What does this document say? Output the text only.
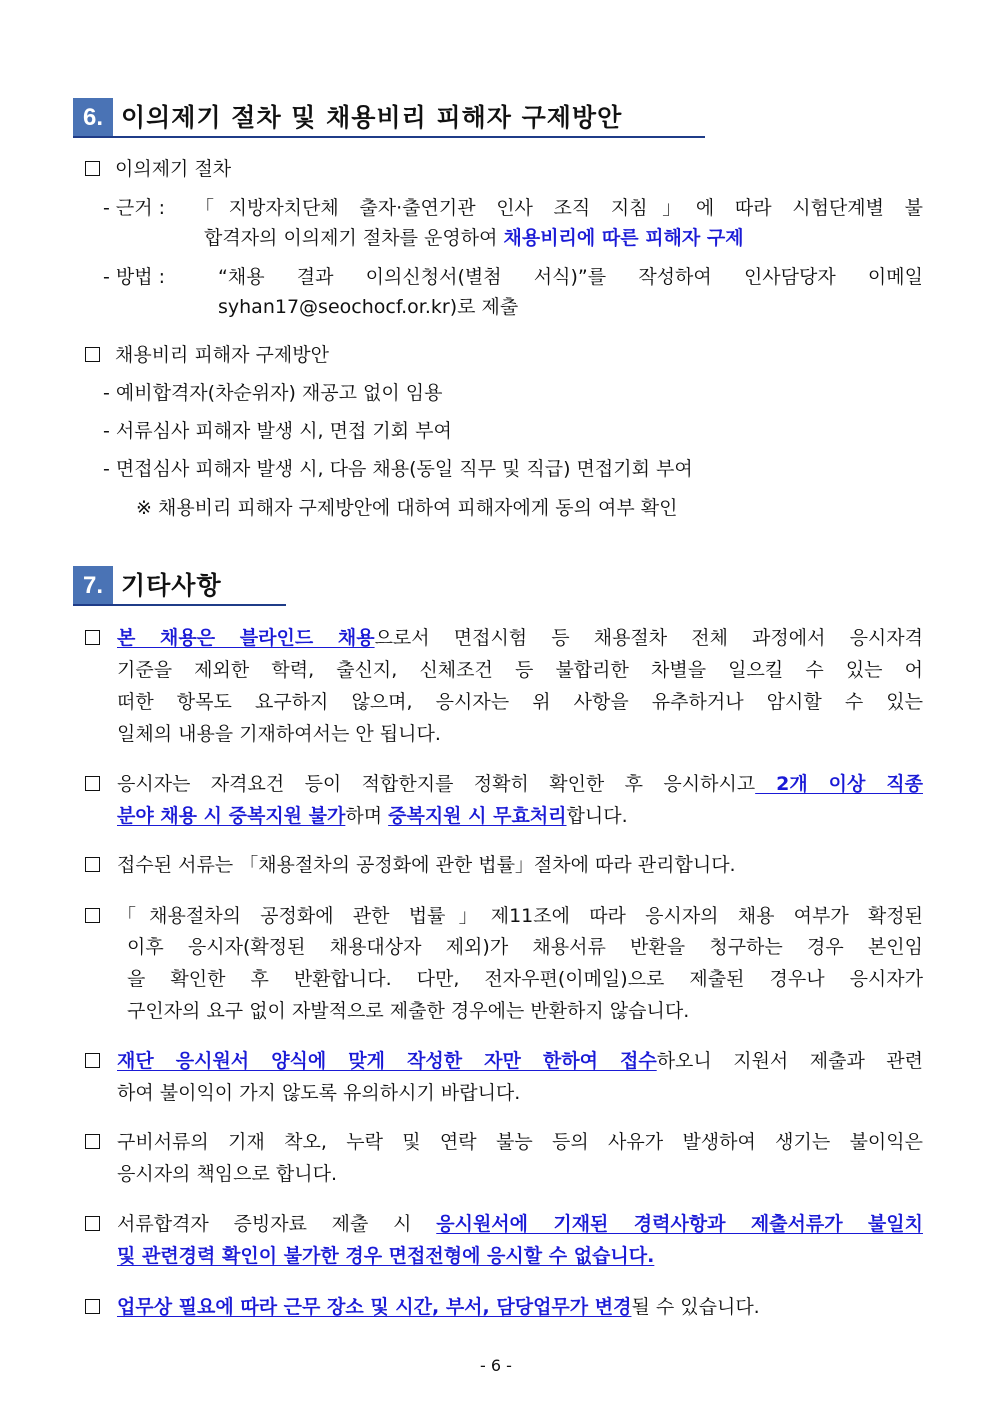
6. 이의제기 절차 및 채용비리 피해자 구제방안
이의제기 절차
- 근거 : 「지방자치단체 출자·출연기관 인사 조직 지침」에 따라 시험단계별 불
합격자의 이의제기 절차를 운영하여 채용비리에 따른 피해자 구제
- 방법 :	“채용 결과 이의신청서(별첨 서식)”를 작성하여 인사담당자 이메일
syhan17@seochocf.or.kr)로 제출
채용비리 피해자 구제방안
- 예비합격자(차순위자) 재공고 없이 임용
- 서류심사 피해자 발생 시, 면접 기회 부여
- 면접심사 피해자 발생 시, 다음 채용(동일 직무 및 직급) 면접기회 부여
※ 채용비리 피해자 구제방안에 대하여 피해자에게 동의 여부 확인
7. 기타사항
본 채용은 블라인드 채용으로서 면접시험 등 채용절차 전체 과정에서 응시자격
기준을 제외한 학력, 출신지, 신체조건 등 불합리한 차별을 일으킬 수 있는 어
떠한 항목도 요구하지 않으며, 응시자는 위 사항을 유추하거나 암시할 수 있는
일체의 내용을 기재하여서는 안 됩니다.
응시자는 자격요건 등이 적합한지를 정확히 확인한 후 응시하시고 2개 이상 직종
분야 채용 시 중복지원 불가하며 중복지원 시 무효처리합니다.
접수된 서류는 「채용절차의 공정화에 관한 법률」절차에 따라 관리합니다.
「채용절차의 공정화에 관한 법률」제11조에 따라 응시자의 채용 여부가 확정된
이후 응시자(확정된 채용대상자 제외)가 채용서류 반환을 청구하는 경우 본인임
을 확인한 후 반환합니다. 다만, 전자우편(이메일)으로 제출된 경우나 응시자가
구인자의 요구 없이 자발적으로 제출한 경우에는 반환하지 않습니다.
재단 응시원서 양식에 맞게 작성한 자만 한하여 접수하오니 지원서 제출과 관련
하여 불이익이 가지 않도록 유의하시기 바랍니다.
구비서류의 기재 착오, 누락 및 연락 불능 등의 사유가 발생하여 생기는 불이익은
응시자의 책임으로 합니다.
서류합격자 증빙자료 제출 시 응시원서에 기재된 경력사항과 제출서류가 불일치
및 관련경력 확인이 불가한 경우 면접전형에 응시할 수 없습니다.
업무상 필요에 따라 근무 장소 및 시간, 부서, 담당업무가 변경될 수 있습니다.
- 6 -
